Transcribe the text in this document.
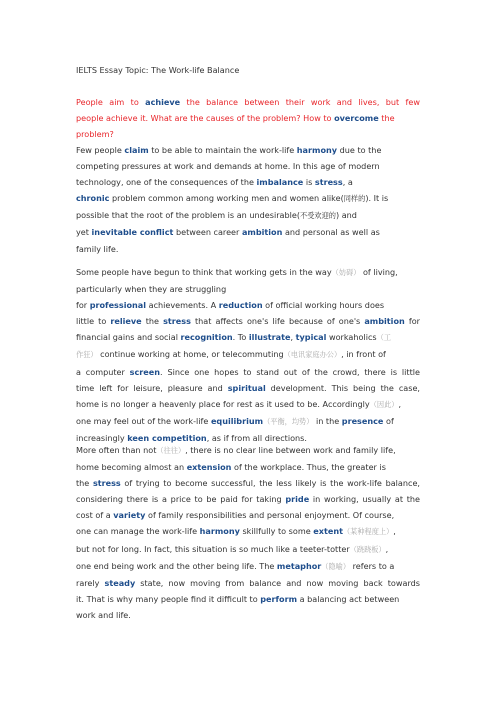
IELTS Essay Topic: The Work-life Balance
People aim to achieve the balance between their work and lives, but few
people achieve it. What are the causes of the problem? How to overcome the
problem?
Few people claim to be able to maintain the work-life harmony due to the
competing pressures at work and demands at home. In this age of modern
technology, one of the consequences of the imbalance is stress, a
chronic problem common among working men and women alike(同样的). It is
possible that the root of the problem is an undesirable(不受欢迎的) and
yet inevitable conflict between career ambition and personal as well as
family life.
Some people have begun to think that working gets in the way（妨碍） of living,
particularly when they are struggling
for professional achievements. A reduction of official working hours does
little to relieve the stress that affects one's life because of one's ambition for
financial gains and social recognition. To illustrate, typical workaholics（工
作狂） continue working at home, or telecommuting（电讯家庭办公）, in front of
a computer screen. Since one hopes to stand out of the crowd, there is little
time left for leisure, pleasure and spiritual development. This being the case,
home is no longer a heavenly place for rest as it used to be. Accordingly（因此）,
one may feel out of the work-life equilibrium（平衡，均势） in the presence of
increasingly keen competition, as if from all directions.
More often than not（往往）, there is no clear line between work and family life,
home becoming almost an extension of the workplace. Thus, the greater is
the stress of trying to become successful, the less likely is the work-life balance,
considering there is a price to be paid for taking pride in working, usually at the
cost of a variety of family responsibilities and personal enjoyment. Of course,
one can manage the work-life harmony skillfully to some extent（某种程度上）,
but not for long. In fact, this situation is so much like a teeter-totter（跷跷板）,
one end being work and the other being life. The metaphor（隐喻） refers to a
rarely steady state, now moving from balance and now moving back towards
it. That is why many people find it difficult to perform a balancing act between
work and life.
